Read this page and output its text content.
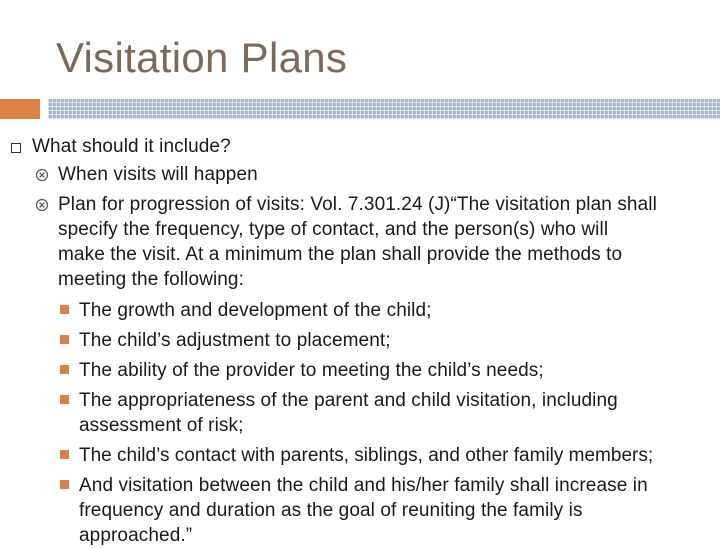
Visitation Plans
What should it include?
When visits will happen
Plan for progression of visits: Vol. 7.301.24 (J)“The visitation plan shall
specify the frequency, type of contact, and the person(s) who will
make the visit. At a minimum the plan shall provide the methods to
meeting the following:
The growth and development of the child;
The child’s adjustment to placement;
The ability of the provider to meeting the child’s needs;
The appropriateness of the parent and child visitation, including
assessment of risk;
The child’s contact with parents, siblings, and other family members;
And visitation between the child and his/her family shall increase in
frequency and duration as the goal of reuniting the family is
approached.”
